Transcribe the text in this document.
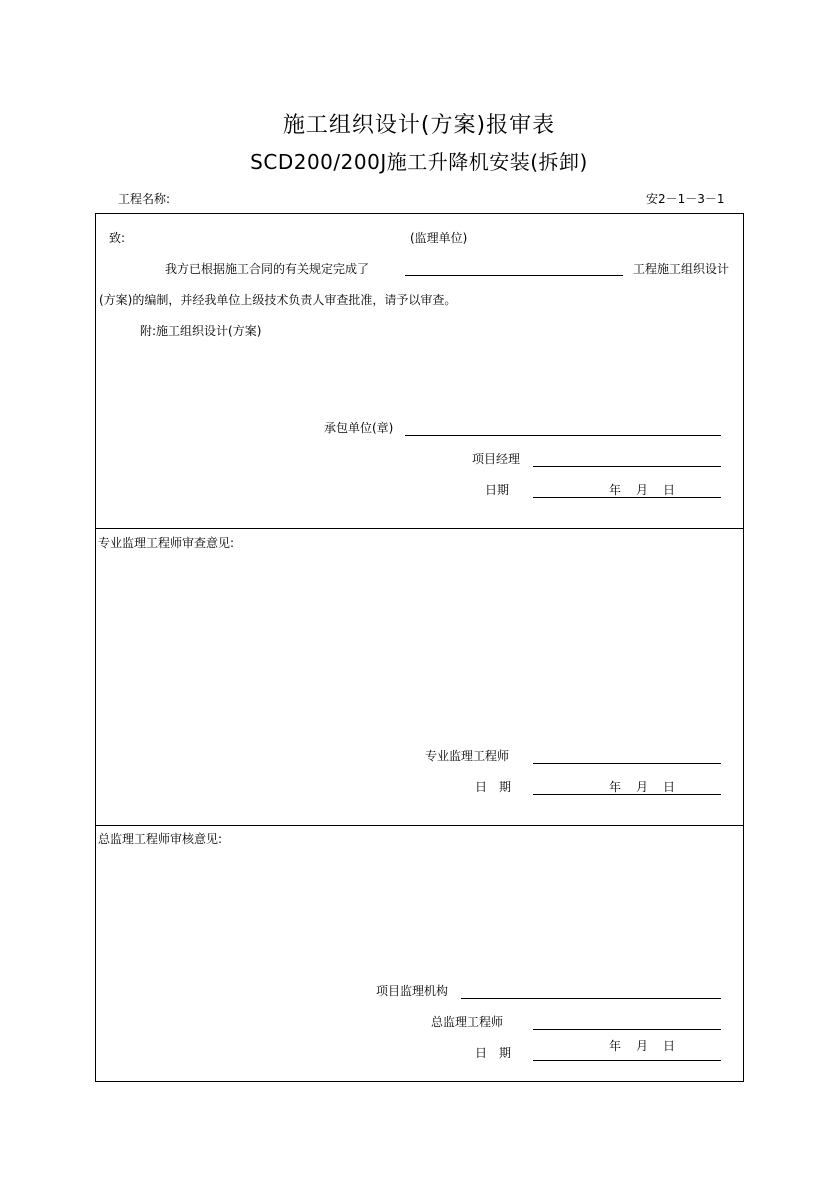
施工组织设计(方案)报审表
SCD200/200J施工升降机安装(拆卸)
工程名称:	安2－1－3－1
致:	(监理单位)
我方已根据施工合同的有关规定完成了	工程施工组织设计
(方案)的编制，并经我单位上级技术负责人审查批准，请予以审查。
附:施工组织设计(方案)
承包单位(章)
项目经理
日期	年 月 日
专业监理工程师审查意见:
专业监理工程师
日　期	年 月 日
总监理工程师审核意见:
项目监理机构
总监理工程师
日　期	年 月 日
